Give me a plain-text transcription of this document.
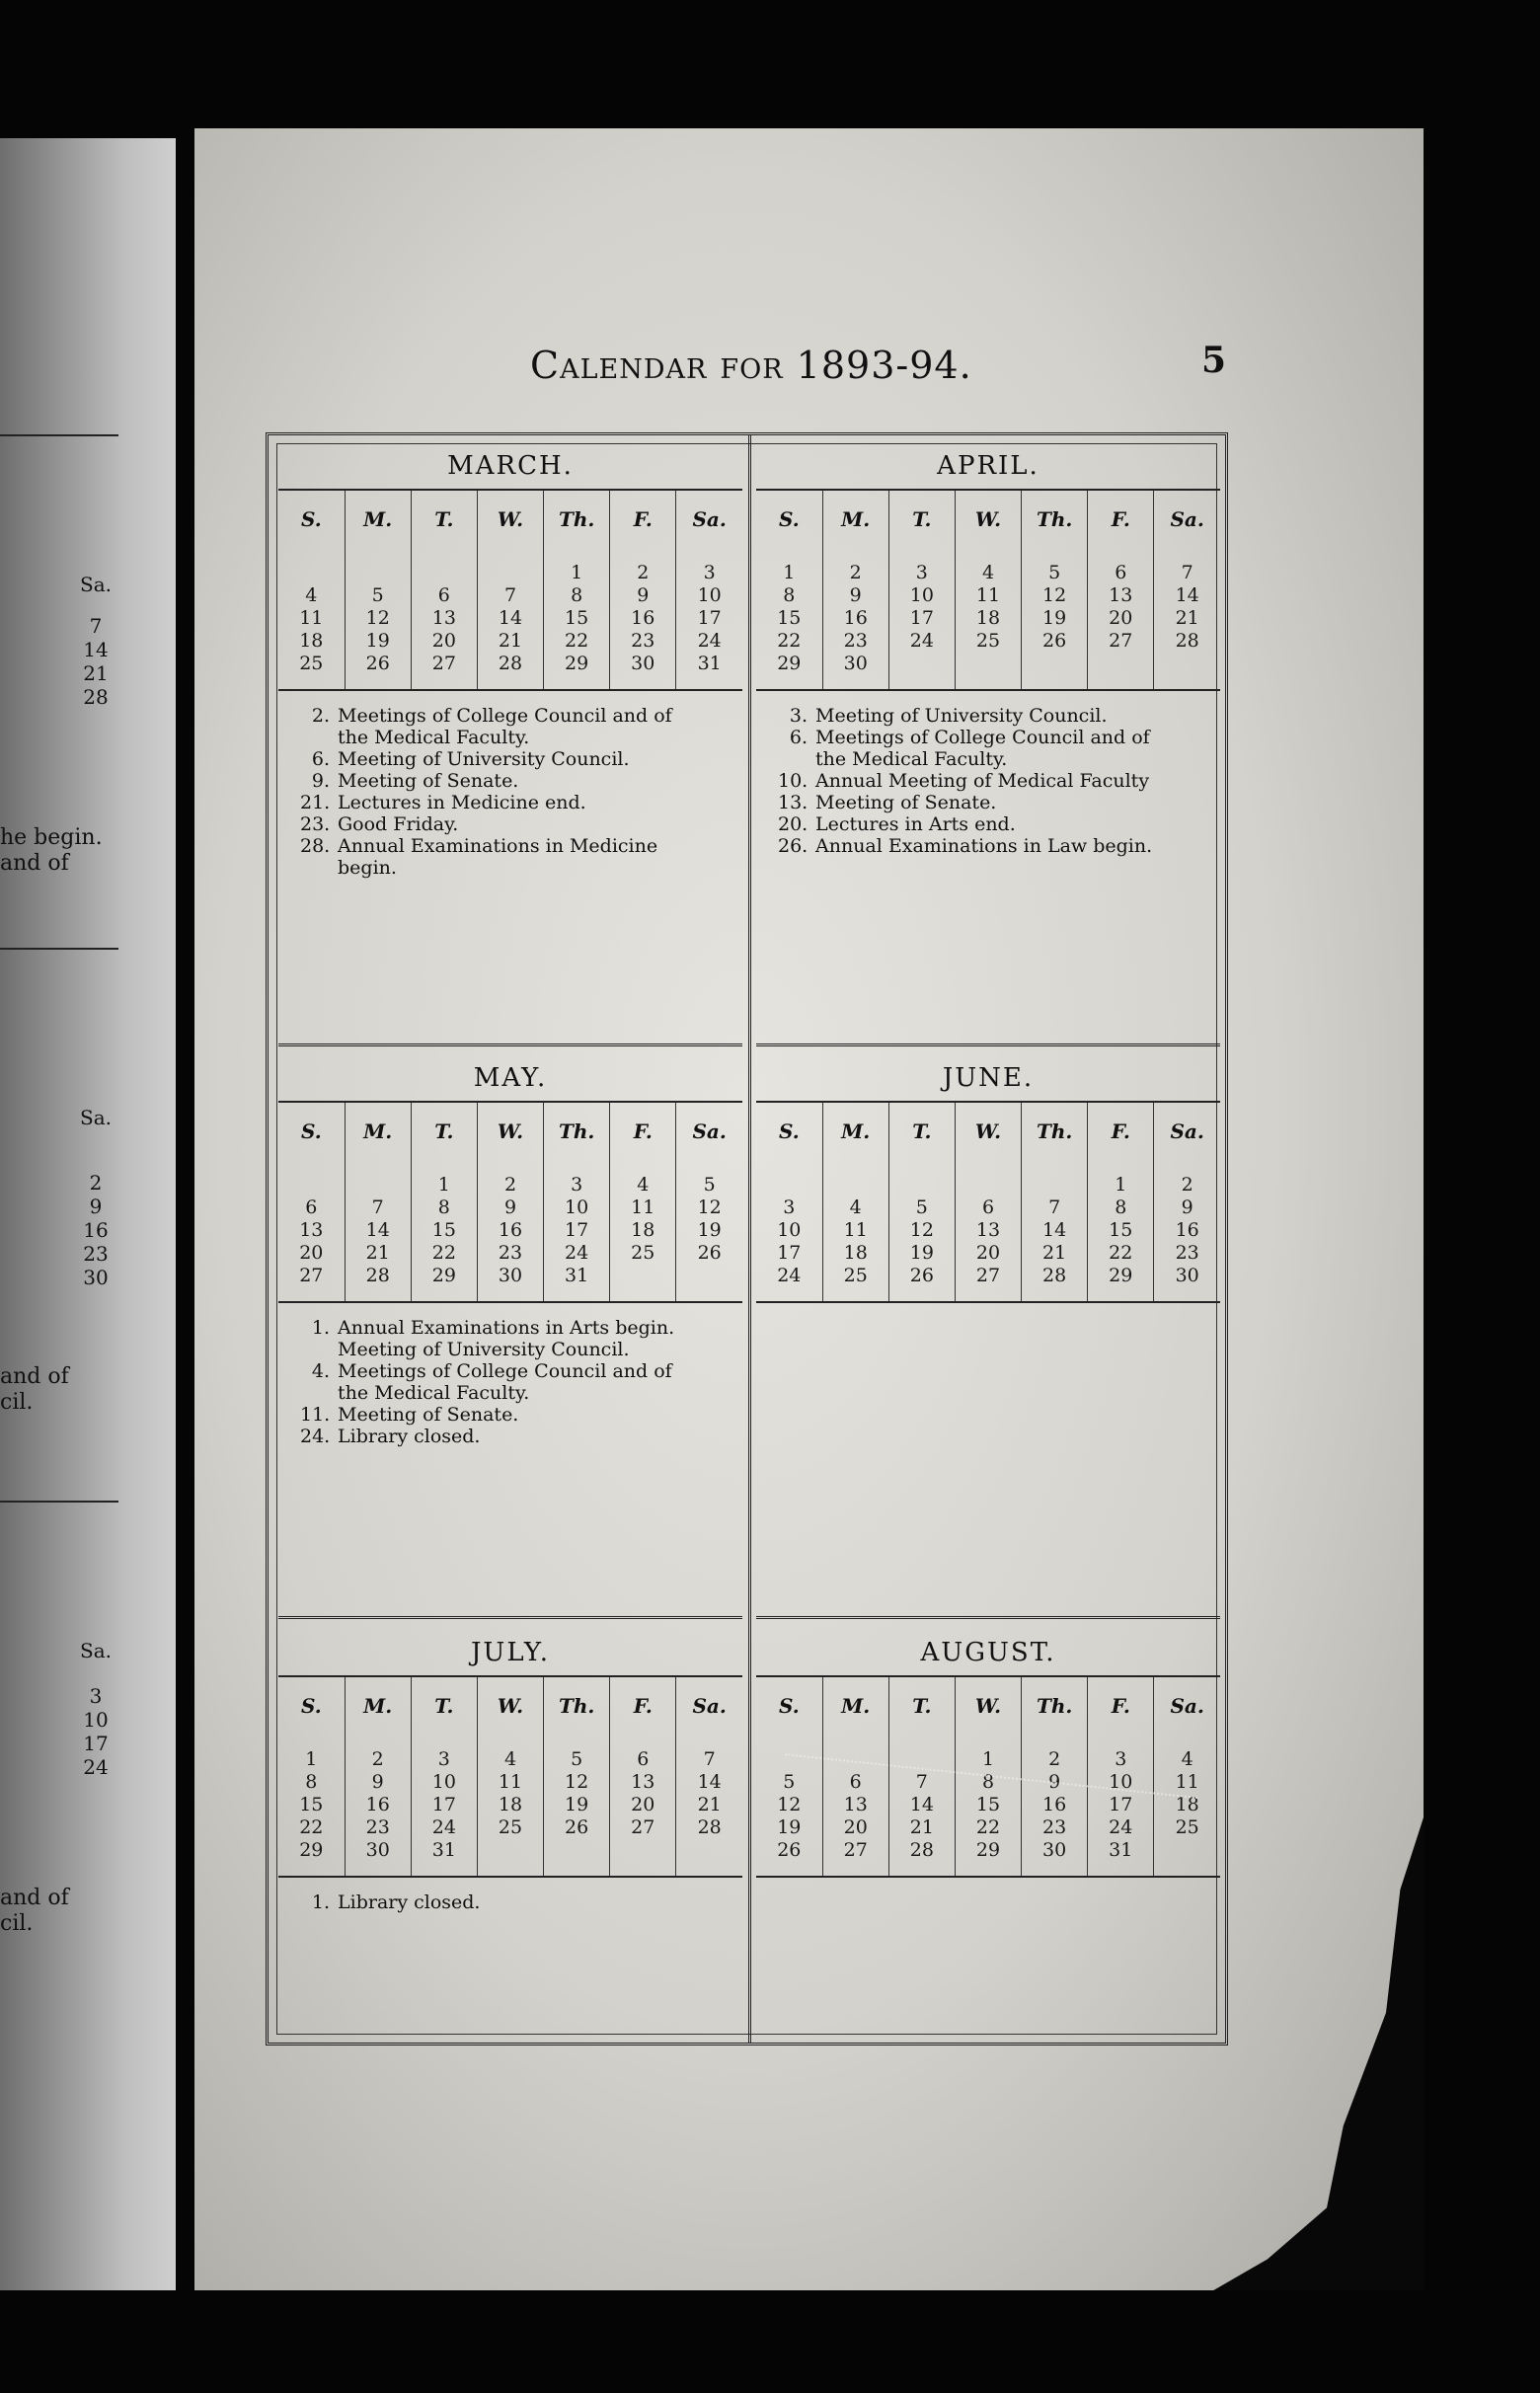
Sa.
7
14
21
28
he begin.
and of
Sa.
2
9
16
23
30
and of
cil.
Sa.
3
10
17
24
and of
cil.
Calendar for 1893-94.	5
MARCH.
S.	M.	T.	W.	Th.	F.	Sa.

				1	2	3
4	5	6	7	8	9	10
11	12	13	14	15	16	17
18	19	20	21	22	23	24
25	26	27	28	29	30	31

2. Meetings of College Council and of
the Medical Faculty.
6. Meeting of University Council.
9. Meeting of Senate.
21. Lectures in Medicine end.
23. Good Friday.
28. Annual Examinations in Medicine
begin.
APRIL.
S.	M.	T.	W.	Th.	F.	Sa.

1	2	3	4	5	6	7
8	9	10	11	12	13	14
15	16	17	18	19	20	21
22	23	24	25	26	27	28
29	30					

3. Meeting of University Council.
6. Meetings of College Council and of
the Medical Faculty.
10. Annual Meeting of Medical Faculty
13. Meeting of Senate.
20. Lectures in Arts end.
26. Annual Examinations in Law begin.
MAY.
S.	M.	T.	W.	Th.	F.	Sa.

		1	2	3	4	5
6	7	8	9	10	11	12
13	14	15	16	17	18	19
20	21	22	23	24	25	26
27	28	29	30	31		

1. Annual Examinations in Arts begin.
Meeting of University Council.
4. Meetings of College Council and of
the Medical Faculty.
11. Meeting of Senate.
24. Library closed.
JUNE.
S.	M.	T.	W.	Th.	F.	Sa.

					1	2
3	4	5	6	7	8	9
10	11	12	13	14	15	16
17	18	19	20	21	22	23
24	25	26	27	28	29	30

JULY.
S.	M.	T.	W.	Th.	F.	Sa.

1	2	3	4	5	6	7
8	9	10	11	12	13	14
15	16	17	18	19	20	21
22	23	24	25	26	27	28
29	30	31				

1. Library closed.
AUGUST.
S.	M.	T.	W.	Th.	F.	Sa.

			1	2	3	4
5	6	7	8	9	10	11
12	13	14	15	16	17	18
19	20	21	22	23	24	25
26	27	28	29	30	31	
